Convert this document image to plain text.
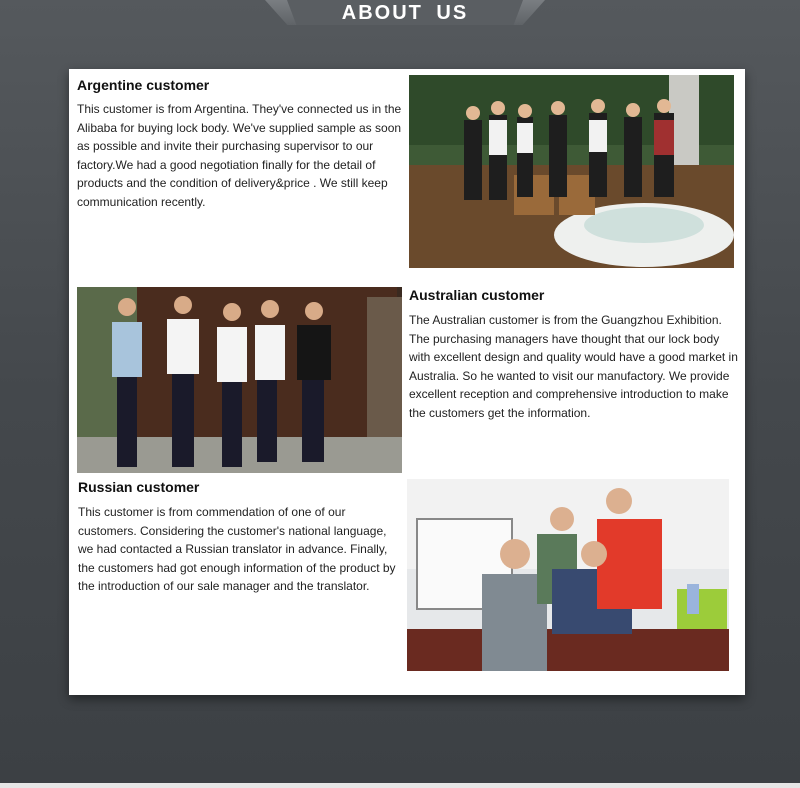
ABOUT US
Argentine customer

This customer is from Argentina. They've connected us in the Alibaba for buying lock body. We've supplied sample as soon as possible and invite their purchasing supervisor to our factory.We had a good negotiation finally for the detail of products and the condition of delivery&price . We still keep communication recently.

Australian customer

The Australian customer is from the Guangzhou Exhibition. The purchasing managers have thought that our lock body with excellent design and quality would have a good market in Australia. So he wanted to visit our manufactory. We provide excellent reception and comprehensive introduction to make the customers get the information.

Russian customer

This customer is from commendation of one of our customers. Considering the customer's national language, we had contacted a Russian translator in advance. Finally, the customers had got enough information of the product by the introduction of our sale manager and the translator.
